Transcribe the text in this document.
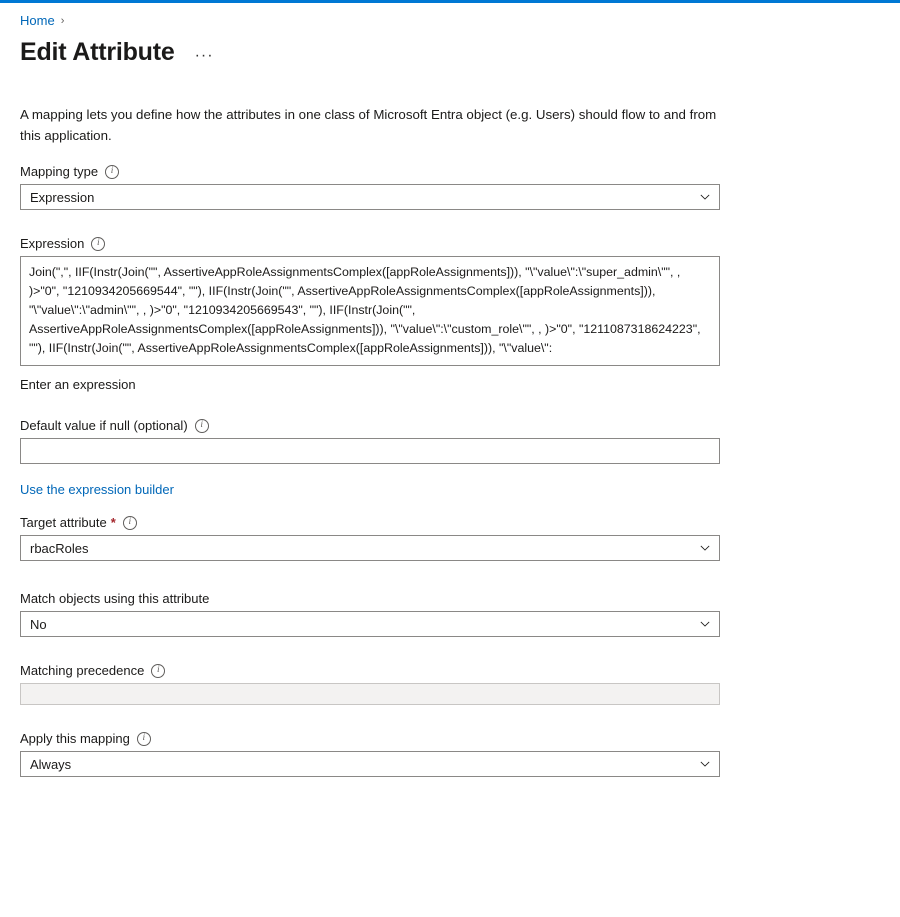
Home ›
Edit Attribute ···
A mapping lets you define how the attributes in one class of Microsoft Entra object (e.g. Users) should flow to and from this application.
Mapping type	i
Expression
Expression	i
Join(",", IIF(Instr(Join("", AssertiveAppRoleAssignmentsComplex([appRoleAssignments])), "\"value\":\"super_admin\"", , )>"0", "1210934205669544", ""), IIF(Instr(Join("", AssertiveAppRoleAssignmentsComplex([appRoleAssignments])), "\"value\":\"admin\"", , )>"0", "1210934205669543", ""), IIF(Instr(Join("", AssertiveAppRoleAssignmentsComplex([appRoleAssignments])), "\"value\":\"custom_role\"", , )>"0", "1211087318624223", ""), IIF(Instr(Join("", AssertiveAppRoleAssignmentsComplex([appRoleAssignments])), "\"value\":
Enter an expression
Default value if null (optional)	i
Use the expression builder
Target attribute *	i
rbacRoles
Match objects using this attribute
No
Matching precedence	i
Apply this mapping	i
Always
